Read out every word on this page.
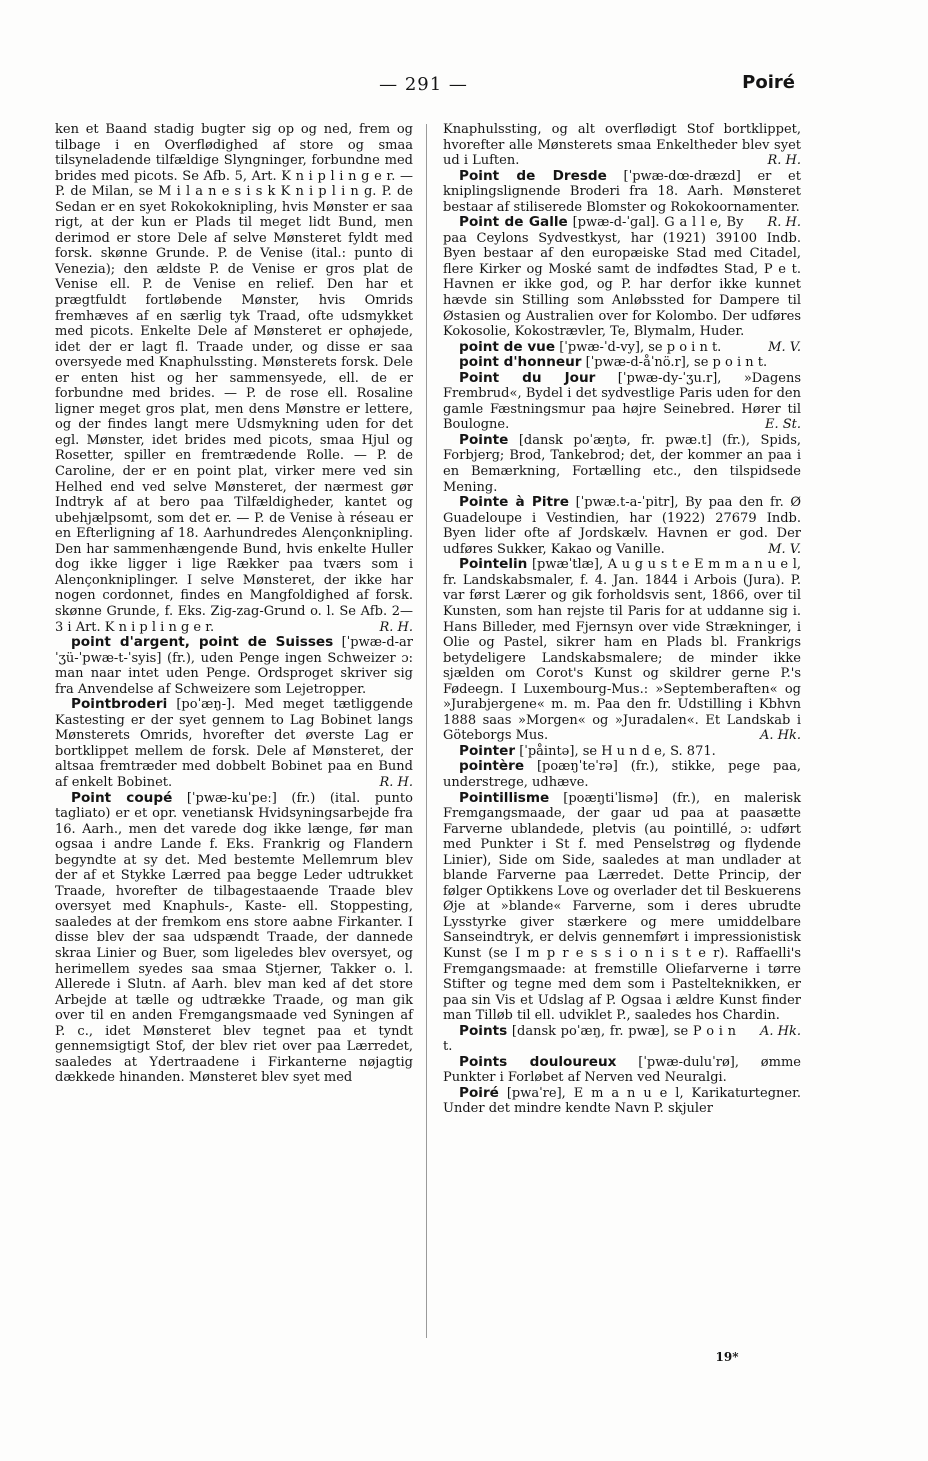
— 291 —	Poiré

ken et Baand stadig bugter sig op og ned, frem og tilbage i en Overflødighed af store og smaa tilsyneladende tilfældige Slyngninger, forbundne med brides med picots. Se Afb. 5, Art. K n i p l i n g e r. — P. de Milan, se M i l a n e s i s k K n i p l i n g. P. de Sedan er en syet Rokokoknipling, hvis Mønster er saa rigt, at der kun er Plads til meget lidt Bund, men derimod er store Dele af selve Mønsteret fyldt med forsk. skønne Grunde. P. de Venise (ital.: punto di Venezia); den ældste P. de Venise er gros plat de Venise ell. P. de Venise en relief. Den har et prægtfuldt fortløbende Mønster, hvis Omrids fremhæves af en særlig tyk Traad, ofte udsmykket med picots. Enkelte Dele af Mønsteret er ophøjede, idet der er lagt fl. Traade under, og disse er saa oversyede med Knaphulssting. Mønsterets forsk. Dele er enten hist og her sammensyede, ell. de er forbundne med brides. — P. de rose ell. Rosaline ligner meget gros plat, men dens Mønstre er lettere, og der findes langt mere Udsmykning uden for det egl. Mønster, idet brides med picots, smaa Hjul og Rosetter, spiller en fremtrædende Rolle. — P. de Caroline, der er en point plat, virker mere ved sin Helhed end ved selve Mønsteret, der nærmest gør Indtryk af at bero paa Tilfældigheder, kantet og ubehjælpsomt, som det er. — P. de Venise à réseau er en Efterligning af 18. Aarhundredes Alençonknipling. Den har sammenhængende Bund, hvis enkelte Huller dog ikke ligger i lige Rækker paa tværs som i Alençonkniplinger. I selve Mønsteret, der ikke har nogen cordonnet, findes en Mangfoldighed af forsk. skønne Grunde, f. Eks. Zig-zag-Grund o. l. Se Afb. 2—3 i Art. K n i p l i n g e r.	R. H.

point d'argent, point de Suisses [ˈpwæ-d-arˈʒü-ˈpwæ-t-ˈsyis] (fr.), uden Penge ingen Schweizer ɔ: man naar intet uden Penge. Ordsproget skriver sig fra Anvendelse af Schweizere som Lejetropper.

Pointbroderi [poˈæŋ-]. Med meget tætliggende Kastesting er der syet gennem to Lag Bobinet langs Mønsterets Omrids, hvorefter det øverste Lag er bortklippet mellem de forsk. Dele af Mønsteret, der altsaa fremtræder med dobbelt Bobinet paa en Bund af enkelt Bobinet.	R. H.

Point coupé [ˈpwæ-kuˈpeː] (fr.) (ital. punto tagliato) er et opr. venetiansk Hvidsyningsarbejde fra 16. Aarh., men det varede dog ikke længe, før man ogsaa i andre Lande f. Eks. Frankrig og Flandern begyndte at sy det. Med bestemte Mellemrum blev der af et Stykke Lærred paa begge Leder udtrukket Traade, hvorefter de tilbagestaaende Traade blev oversyet med Knaphuls-, Kaste- ell. Stoppesting, saaledes at der fremkom ens store aabne Firkanter. I disse blev der saa udspændt Traade, der dannede skraa Linier og Buer, som ligeledes blev oversyet, og herimellem syedes saa smaa Stjerner, Takker o. l. Allerede i Slutn. af Aarh. blev man ked af det store Arbejde at tælle og udtrække Traade, og man gik over til en anden Fremgangsmaade ved Syningen af P. c., idet Mønsteret blev tegnet paa et tyndt gennemsigtigt Stof, der blev riet over paa Lærredet, saaledes at Ydertraadene i Firkanterne nøjagtig dækkede hinanden. Mønsteret blev syet med

Knaphulssting, og alt overflødigt Stof bortklippet, hvorefter alle Mønsterets smaa Enkeltheder blev syet ud i Luften.	R. H.

Point de Dresde [ˈpwæ-dœ-dræzd] er et kniplingslignende Broderi fra 18. Aarh. Mønsteret bestaar af stiliserede Blomster og Rokokoornamenter.
R. H.

Point de Galle [pwæ-d-ˈgal]. G a l l e, By paa Ceylons Sydvestkyst, har (1921) 39100 Indb. Byen bestaar af den europæiske Stad med Citadel, flere Kirker og Moské samt de indfødtes Stad, P e t. Havnen er ikke god, og P. har derfor ikke kunnet hævde sin Stilling som Anløbssted for Dampere til Østasien og Australien over for Kolombo. Der udføres Kokosolie, Kokostrævler, Te, Blymalm, Huder.
M. V.

point de vue [ˈpwæ-ˈd-vy], se p o i n t.

point d'honneur [ˈpwæ-d-åˈnö.r], se p o i n t.

Point du Jour [ˈpwæ-dy-ˈʒu.r], »Dagens Frembrud«, Bydel i det sydvestlige Paris uden for den gamle Fæstningsmur paa højre Seinebred. Hører til Boulogne.	E. St.

Pointe [dansk poˈæŋtə, fr. pwæ.t] (fr.), Spids, Forbjerg; Brod, Tankebrod; det, der kommer an paa i en Bemærkning, Fortælling etc., den tilspidsede Mening.

Pointe à Pitre [ˈpwæ.t-a-ˈpitr], By paa den fr. Ø Guadeloupe i Vestindien, har (1922) 27679 Indb. Byen lider ofte af Jordskælv. Havnen er god. Der udføres Sukker, Kakao og Vanille.	M. V.

Pointelin [pwæˈtlæ], A u g u s t e E m m a n u e l, fr. Landskabsmaler, f. 4. Jan. 1844 i Arbois (Jura). P. var først Lærer og gik forholdsvis sent, 1866, over til Kunsten, som han rejste til Paris for at uddanne sig i. Hans Billeder, med Fjernsyn over vide Strækninger, i Olie og Pastel, sikrer ham en Plads bl. Frankrigs betydeligere Landskabsmalere; de minder ikke sjælden om Corot's Kunst og skildrer gerne P.'s Fødeegn. I Luxembourg-Mus.: »Septemberaften« og »Jurabjergene« m. m. Paa den fr. Udstilling i Kbhvn 1888 saas »Morgen« og »Juradalen«. Et Landskab i Göteborgs Mus.	A. Hk.

Pointer [ˈpåintə], se H u n d e, S. 871.

pointère [poæŋˈteˈrə] (fr.), stikke, pege paa, understrege, udhæve.

Pointillisme [poæŋtiˈlismə] (fr.), en malerisk Fremgangsmaade, der gaar ud paa at paasætte Farverne ublandede, pletvis (au pointillé, ɔ: udført med Punkter i St f. med Penselstrøg og flydende Linier), Side om Side, saaledes at man undlader at blande Farverne paa Lærredet. Dette Princip, der følger Optikkens Love og overlader det til Beskuerens Øje at »blande« Farverne, som i deres ubrudte Lysstyrke giver stærkere og mere umiddelbare Sanseindtryk, er delvis gennemført i impressionistisk Kunst (se I m p r e s s i o n i s t e r). Raffaelli's Fremgangsmaade: at fremstille Oliefarverne i tørre Stifter og tegne med dem som i Pastelteknikken, er paa sin Vis et Udslag af P. Ogsaa i ældre Kunst finder man Tilløb til ell. udviklet P., saaledes hos Chardin.
A. Hk.

Points [dansk poˈæŋ, fr. pwæ], se P o i n t.

Points douloureux [ˈpwæ-duluˈrø], ømme Punkter i Forløbet af Nerven ved Neuralgi.

Poiré [pwaˈre], E m a n u e l, Karikaturtegner. Under det mindre kendte Navn P. skjuler

19*
